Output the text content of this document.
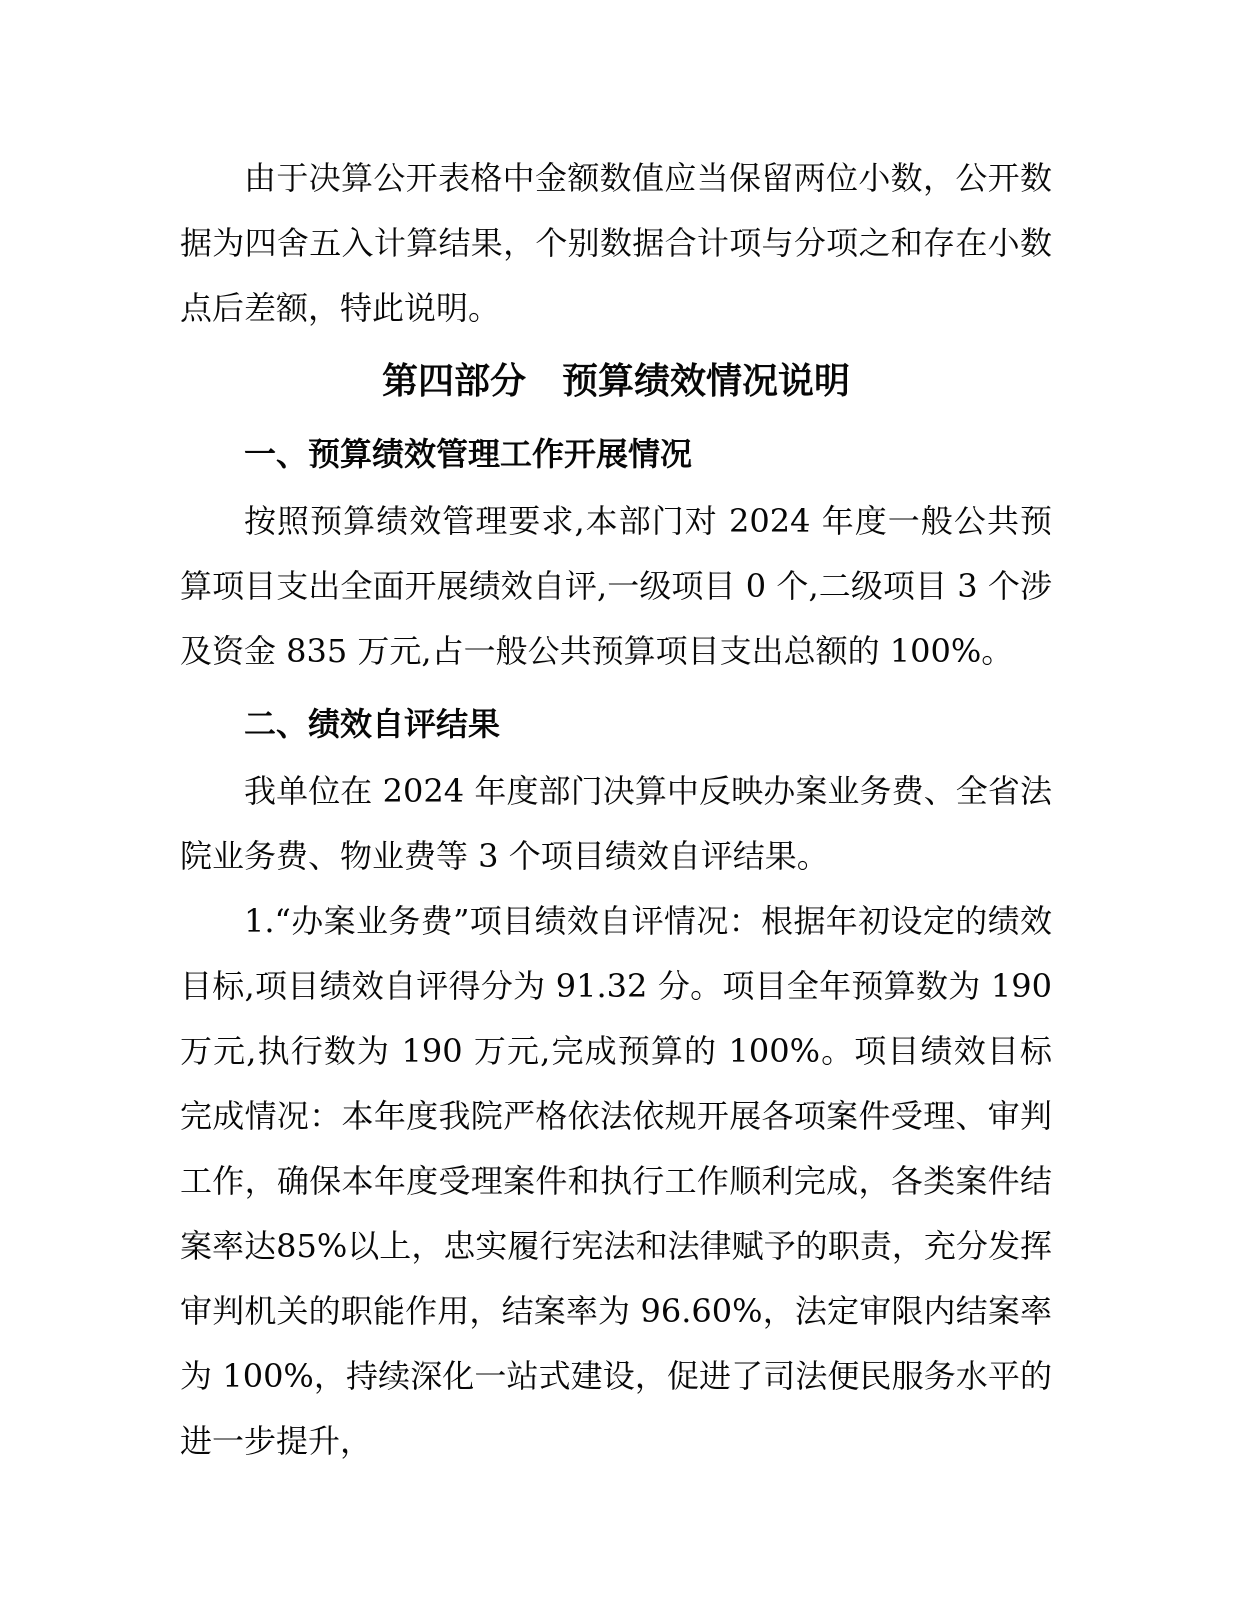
由于决算公开表格中金额数值应当保留两位小数，公开数据为四舍五入计算结果，个别数据合计项与分项之和存在小数点后差额，特此说明。

第四部分　预算绩效情况说明
一、预算绩效管理工作开展情况

按照预算绩效管理要求,本部门对 2024 年度一般公共预算项目支出全面开展绩效自评,一级项目 0 个,二级项目 3 个涉及资金 835 万元,占一般公共预算项目支出总额的 100%。

二、绩效自评结果

我单位在 2024 年度部门决算中反映办案业务费、全省法院业务费、物业费等 3 个项目绩效自评结果。

1.“办案业务费”项目绩效自评情况：根据年初设定的绩效目标,项目绩效自评得分为 91.32 分。项目全年预算数为 190 万元,执行数为 190 万元,完成预算的 100%。项目绩效目标完成情况：本年度我院严格依法依规开展各项案件受理、审判工作，确保本年度受理案件和执行工作顺利完成，各类案件结案率达85%以上，忠实履行宪法和法律赋予的职责，充分发挥审判机关的职能作用，结案率为 96.60%，法定审限内结案率为 100%，持续深化一站式建设，促进了司法便民服务水平的进一步提升，
